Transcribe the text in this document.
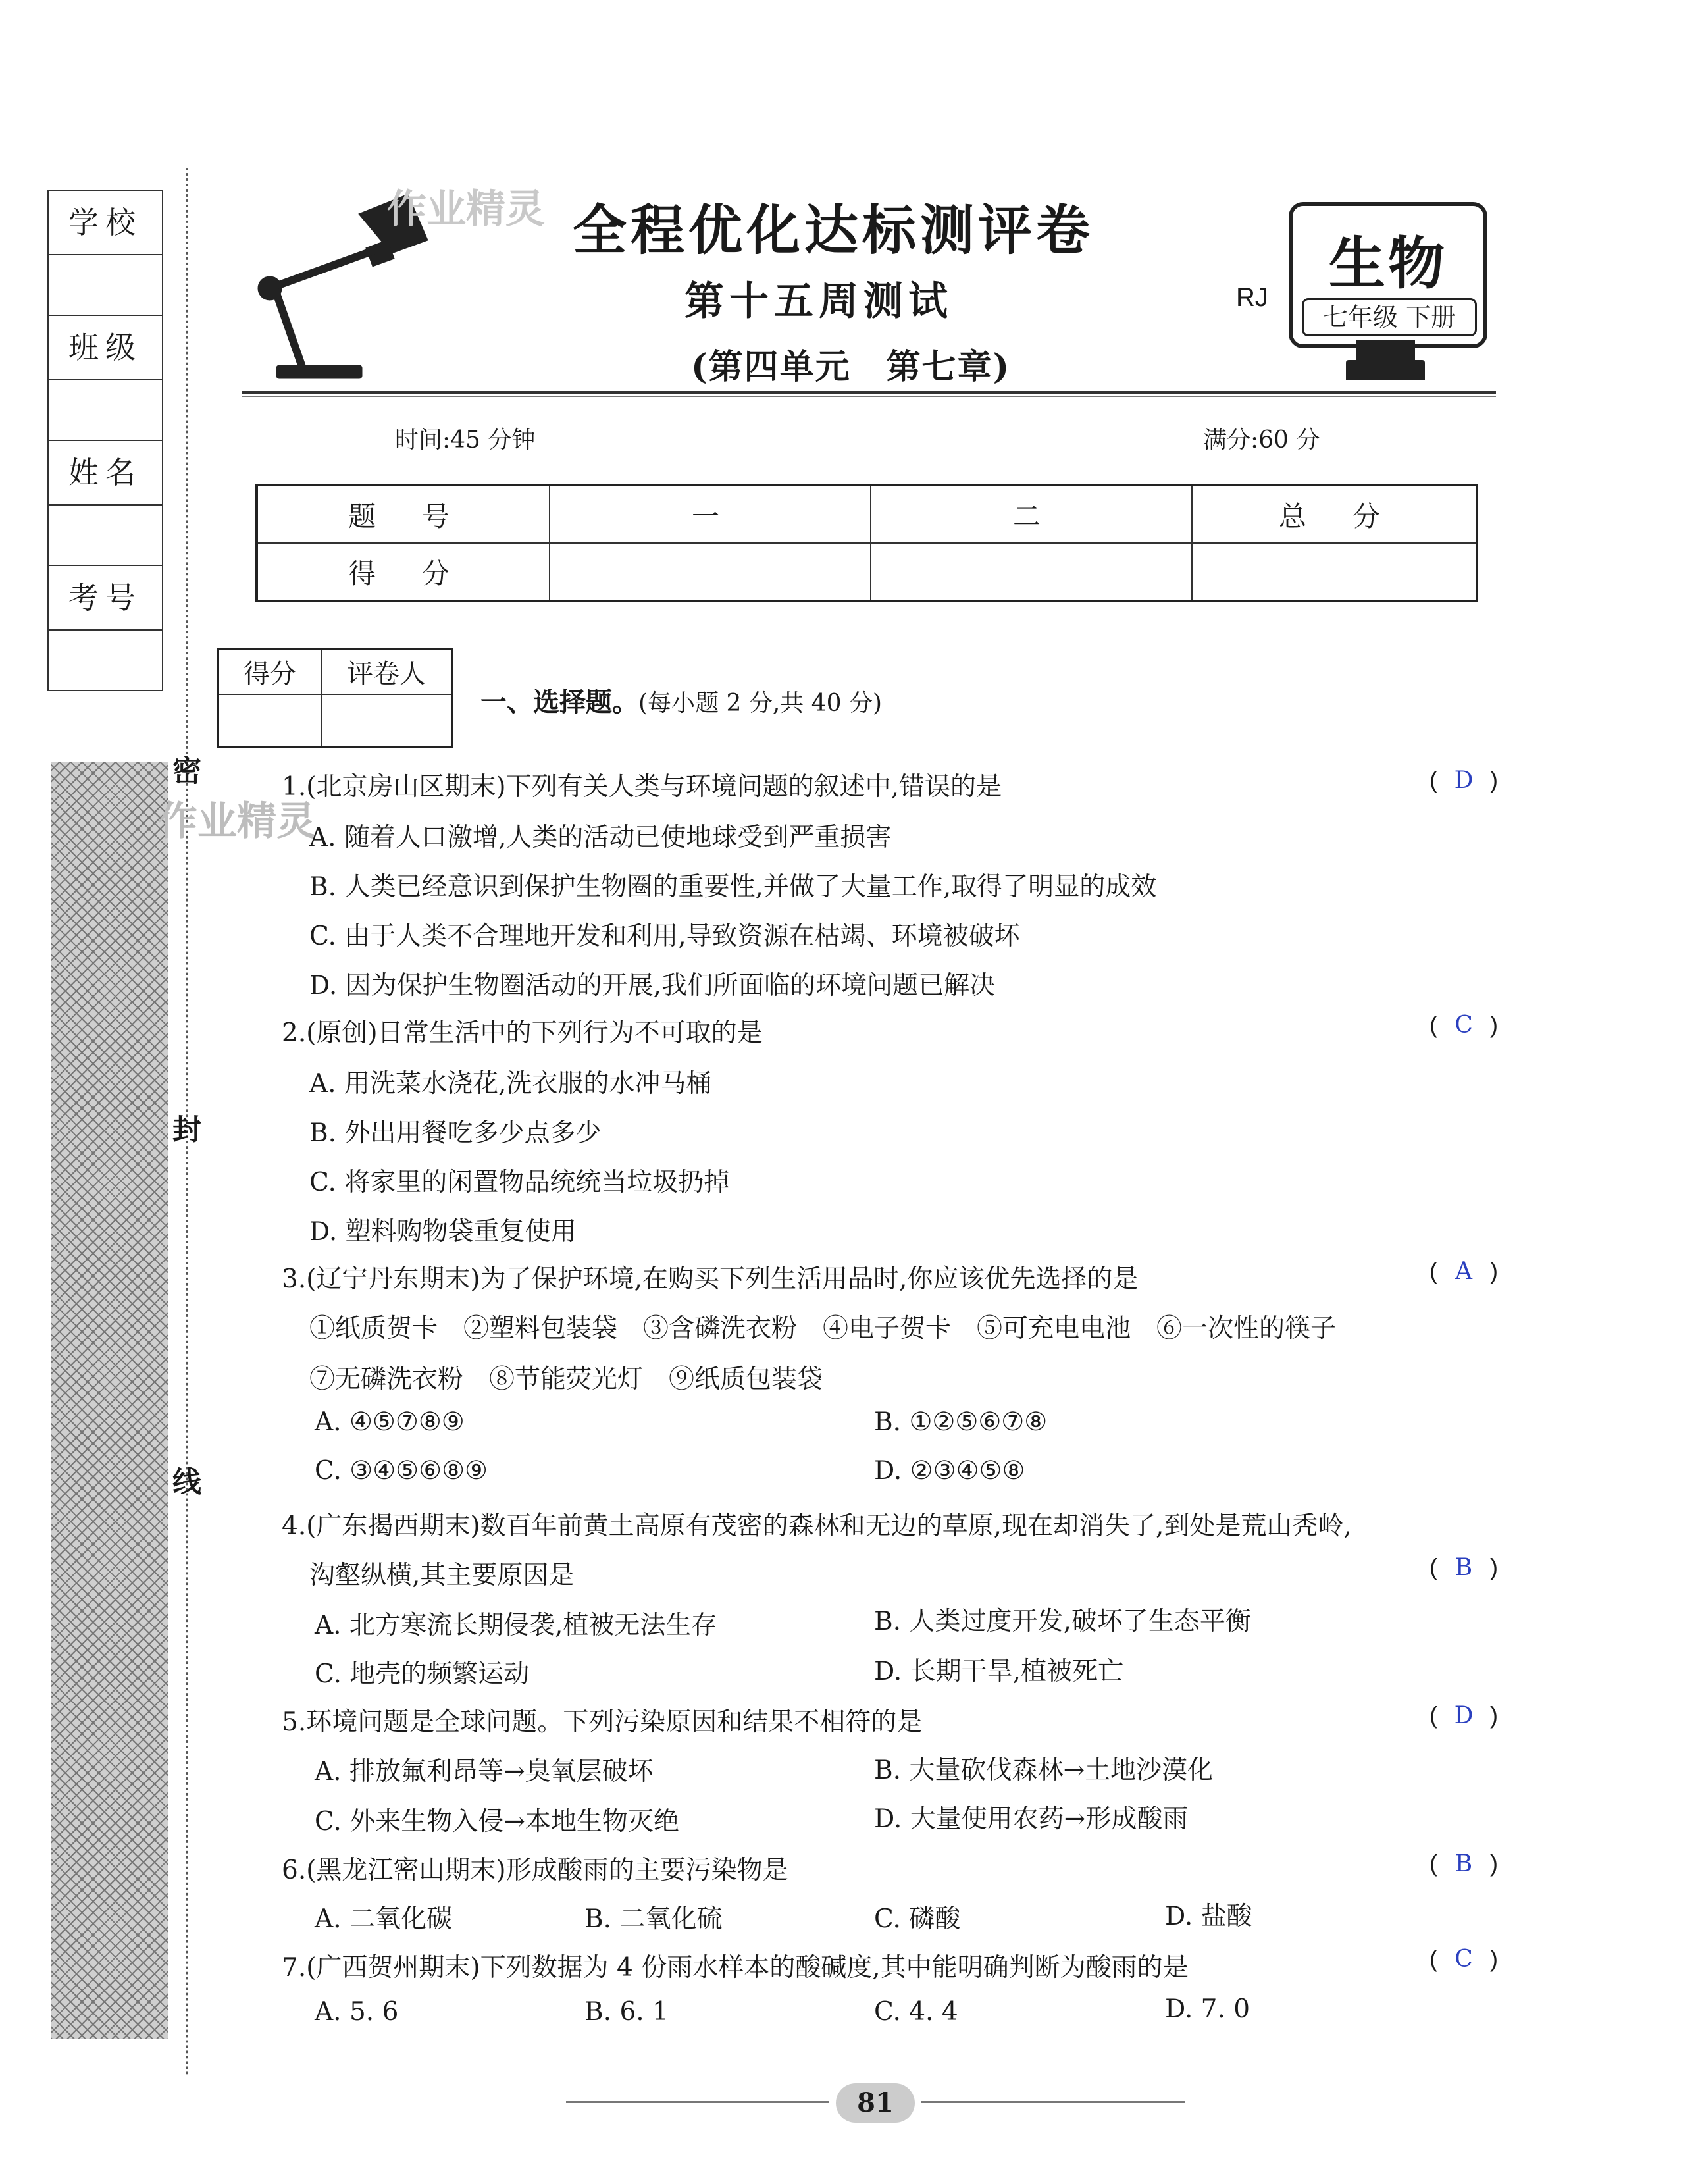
学校
班级
姓名
考号
密
封
线
作业精灵 全程优化达标测评卷
第十五周测试
(第四单元　第七章)
RJ
生物
七年级 下册
时间:45 分钟	满分:60 分
题　号	一	二	总　分
得　分			
得分	评卷人

一、选择题。(每小题 2 分,共 40 分)
作业精灵
1.(北京房山区期末)下列有关人类与环境问题的叙述中,错误的是	( D )
A. 随着人口激增,人类的活动已使地球受到严重损害
B. 人类已经意识到保护生物圈的重要性,并做了大量工作,取得了明显的成效
C. 由于人类不合理地开发和利用,导致资源在枯竭、环境被破坏
D. 因为保护生物圈活动的开展,我们所面临的环境问题已解决
2.(原创)日常生活中的下列行为不可取的是	( C )
A. 用洗菜水浇花,洗衣服的水冲马桶
B. 外出用餐吃多少点多少
C. 将家里的闲置物品统统当垃圾扔掉
D. 塑料购物袋重复使用
3.(辽宁丹东期末)为了保护环境,在购买下列生活用品时,你应该优先选择的是	( A )
①纸质贺卡　②塑料包装袋　③含磷洗衣粉　④电子贺卡　⑤可充电电池　⑥一次性的筷子
⑦无磷洗衣粉　⑧节能荧光灯　⑨纸质包装袋
A. ④⑤⑦⑧⑨	B. ①②⑤⑥⑦⑧
C. ③④⑤⑥⑧⑨	D. ②③④⑤⑧
4.(广东揭西期末)数百年前黄土高原有茂密的森林和无边的草原,现在却消失了,到处是荒山秃岭,
沟壑纵横,其主要原因是	( B )
A. 北方寒流长期侵袭,植被无法生存	B. 人类过度开发,破坏了生态平衡
C. 地壳的频繁运动	D. 长期干旱,植被死亡
5.环境问题是全球问题。下列污染原因和结果不相符的是	( D )
A. 排放氟利昂等→臭氧层破坏	B. 大量砍伐森林→土地沙漠化
C. 外来生物入侵→本地生物灭绝	D. 大量使用农药→形成酸雨
6.(黑龙江密山期末)形成酸雨的主要污染物是	( B )
A. 二氧化碳	B. 二氧化硫	C. 磷酸	D. 盐酸
7.(广西贺州期末)下列数据为 4 份雨水样本的酸碱度,其中能明确判断为酸雨的是	( C )
A. 5. 6	B. 6. 1	C. 4. 4	D. 7. 0
81
